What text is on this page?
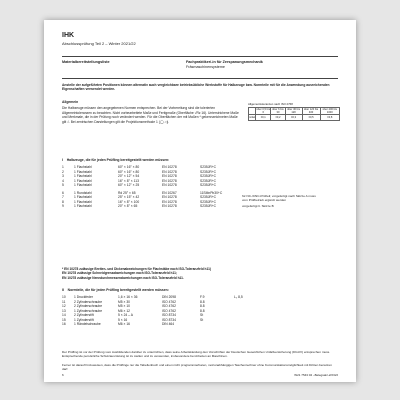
IHK
Abschlussprüfung Teil 2 – Winter 2021/22
Materialbereitstellungsliste	Fachpraktiker/-in für Zerspanungsmechanik
Fräsmaschinensysteme
Anstelle der aufgeführten Positionen können alternativ auch vergleichbare betriebsübliche Werkstoffe für Halbzeuge bzw. Normteile mit für die Anwendung ausreichenden Eigenschaften verwendet werden.
Allgemein
Die Halbzeuge müssen den angegebenen Normen entsprechen. Bei der Vorbereitung sind die tolerierten Allgemeintoleranzen zu beachten. Nicht vorbearbeitete Maße und Fertigmaße (Oberfläche √Rz 16). Unterstrichene Maße und Merkmale, die in der Prüfung noch verändert werden. Für die Oberflächen der mit Maßen * gekennzeichneten Maße gilt √. Bei zentrischen Darstellungen gilt die Projektionsmethode 1 (◯ ◁).
Allgemeintoleranzen nach ISO 2768
	über 0,5 bis 6	über 6 bis 30	über 30 bis 120	über 120 bis 400	über 400 bis 1000
mittel	±0,1	±0,2	±0,3	±0,5	±0,8
I Halbzeuge, die für jeden Prüfling bereitgestellt werden müssen:
1	1 Flachstahl	60° × 16° × 80	EN 10278	S235JR+C
2	1 Flachstahl	60° × 16° × 80	EN 10278	S235JR+C
3	1 Flachstahl	20° × 12° × 54	EN 10278	S235JR+C
4	1 Flachstahl	16° × 8° × 113	EN 10278	S235JR+C
5	1 Flachstahl	60° × 12° × 25	EN 10278	S235JR+C
6	1 Rundstahl	Rd 25° × 65	EN 10267	11SMnPb30+C
7	1 Flachstahl	25° × 15° × 42	EN 10278	S235JR+C
8	1 Flachstahl	16° × 8° × 100	EN 10278	S235JR+C
9	1 Flachstahl	20° × 8° × 65	EN 10278	S235JR+C
für NC-/CNC-Prüfteil; vorgefertigt nach Skizze A muss vom Prüfbetrieb ergänzt werden
vorgefertigt lt. Skizze B
* EN 10278 zulässige Breiten- und Dickenabweichungen für Flachstäbe nach ISO-Toleranzfeld h11)
EN 10278 zulässige Schneidgrenzabweichungen nach ISO-Toleranzfeld h11;
EN 10278 zulässige Nenndurchmesserabweichungen nach ISO-Toleranzfeld h11.
II Normteile, die für jeden Prüfling bereitgestellt werden müssen:
10	1 Druckfeder	1,6 × 16 × 36	DIN 2098	F.9	L₀ 8,5
11	2 Zylinderschraube	M5 × 30	ISO 4762	8.8
12	2 Zylinderschraube	M5 × 10	ISO 4762	8.8
13	1 Zylinderschraube	M6 × 12	ISO 4762	8.8
14	2 Zylinderstift	5 × 24 – A	ISO 8734	St
15	1 Zylinderstift	5 × 16	ISO 8734	St
16	1 Rändelschraube	M6 × 16	DIN 464
Der Prüfling ist vor der Prüfung vom Ausbildenden darüber zu unterrichten, dass seine Arbeitskleidung den Vorschriften der Deutschen Gesetzlichen Unfallversicherung (DGUV) entsprechen muss. Entsprechende persönliche Schutzausrüstung ist zu stellen und zu verwenden, insbesondere bei Arbeiten an Maschinen.
Ferner ist darauf hinzuweisen, dass die Prüflinge nur die Tabellenbuch und einen nicht programmierbaren, netzunabhängigen Taschenrechner ohne Kommunikationsmöglichkeit mit Dritten benutzen darf.
6	W21 7543 02 –Belegsatz-2/2/4/2
